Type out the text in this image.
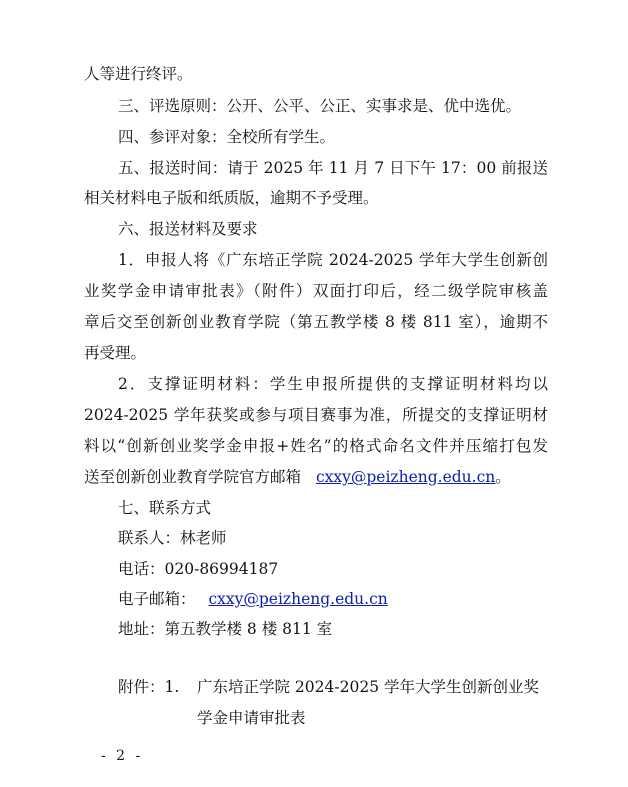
人等进行终评。
三、评选原则：公开、公平、公正、实事求是、优中选优。
四、参评对象：全校所有学生。
五、报送时间：请于 2025 年 11 月 7 日下午 17：00 前报送
相关材料电子版和纸质版，逾期不予受理。
六、报送材料及要求
1．申报人将《广东培正学院 2024-2025 学年大学生创新创
业奖学金申请审批表》（附件）双面打印后，经二级学院审核盖
章后交至创新创业教育学院（第五教学楼 8 楼 811 室），逾期不
再受理。
2．支撑证明材料：学生申报所提供的支撑证明材料均以
2024-2025 学年获奖或参与项目赛事为准，所提交的支撑证明材
料以“创新创业奖学金申报+姓名”的格式命名文件并压缩打包发
送至创新创业教育学院官方邮箱 cxxy@peizheng.edu.cn。
七、联系方式
联系人：林老师
电话：020-86994187
电子邮箱： cxxy@peizheng.edu.cn
地址：第五教学楼 8 楼 811 室
附件：1. 广东培正学院 2024-2025 学年大学生创新创业奖
学金申请审批表
- 2 -
